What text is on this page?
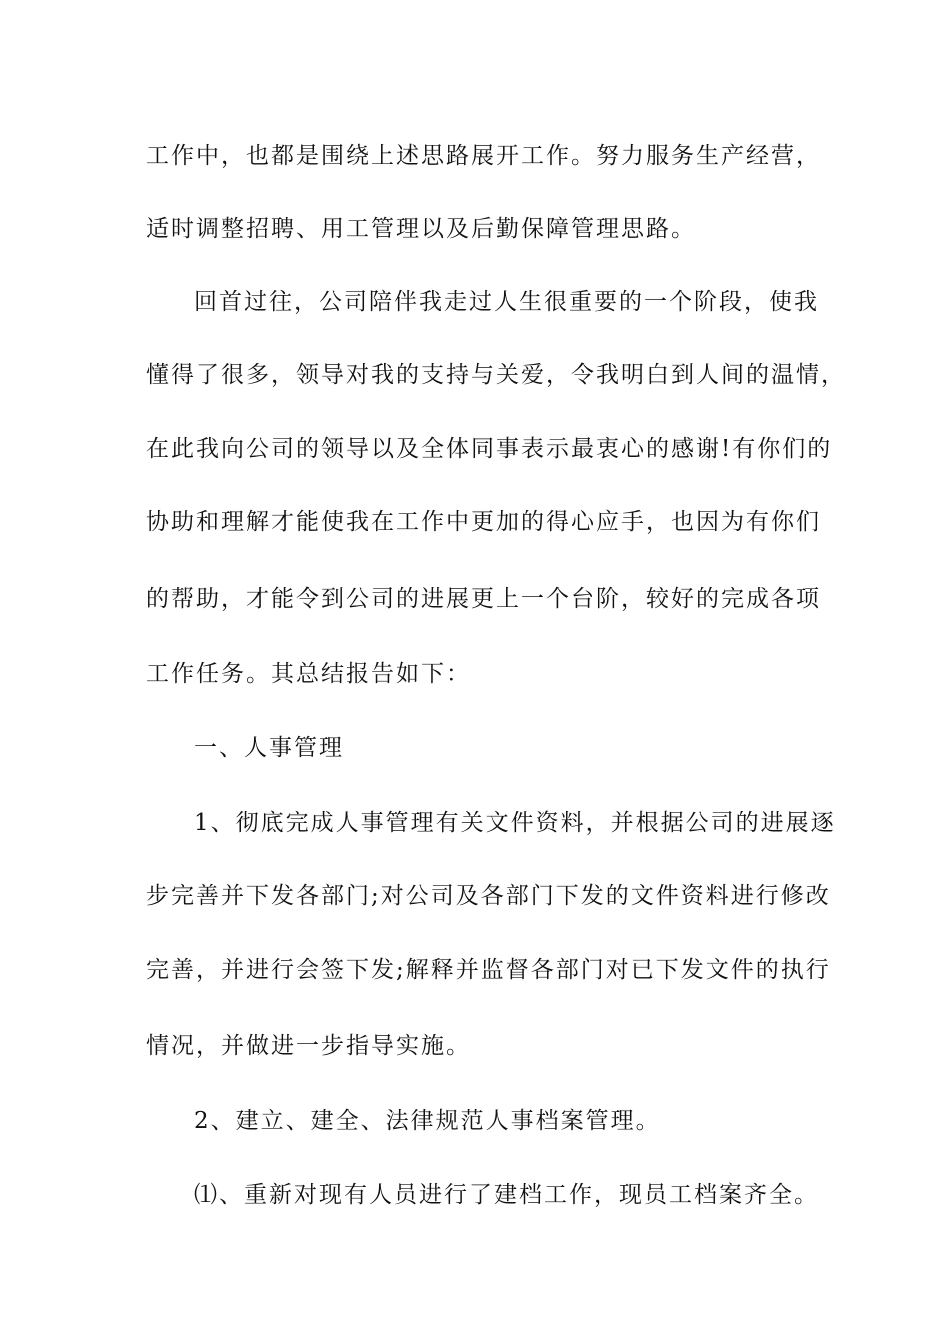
工作中，也都是围绕上述思路展开工作。努力服务生产经营，
适时调整招聘、用工管理以及后勤保障管理思路。
回首过往，公司陪伴我走过人生很重要的一个阶段，使我
懂得了很多，领导对我的支持与关爱，令我明白到人间的温情，
在此我向公司的领导以及全体同事表示最衷心的感谢!有你们的
协助和理解才能使我在工作中更加的得心应手，也因为有你们
的帮助，才能令到公司的进展更上一个台阶，较好的完成各项
工作任务。其总结报告如下：
一、人事管理
1、彻底完成人事管理有关文件资料，并根据公司的进展逐
步完善并下发各部门;对公司及各部门下发的文件资料进行修改
完善，并进行会签下发;解释并监督各部门对已下发文件的执行
情况，并做进一步指导实施。
2、建立、建全、法律规范人事档案管理。
⑴、重新对现有人员进行了建档工作，现员工档案齐全。
